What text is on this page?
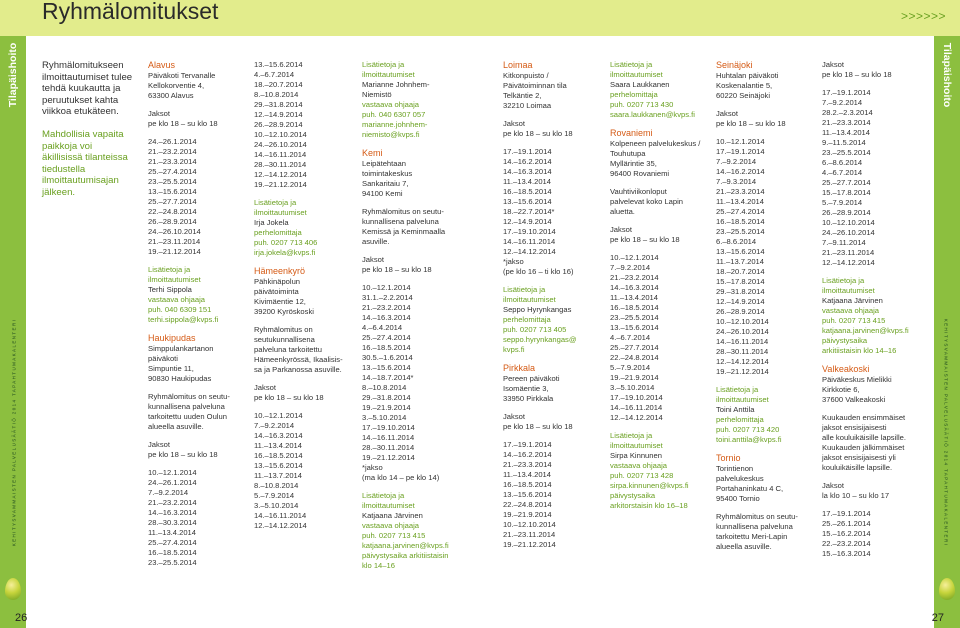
Ryhmälomitukset	>>>>>>
Tilapäishoito	Tilapäishoito
KEHITYSVAMMAISTEN PALVELUSÄÄTIÖ 2014 TAPAHTUMAKALENTERI	KEHITYSVAMMAISTEN PALVELUSÄÄTIÖ 2014 TAPAHTUMAKALENTERI
26	27
Ryhmälomitukseen ilmoittautumiset tulee tehdä kuukautta ja peruutukset kahta viikkoa etukäteen.
Mahdollisia vapaita paikkoja voi äkillisissä tilanteissa tiedustella ilmoittautumisajan jälkeen.
Alavus
Päiväkoti Tervanalle
Kellokorventie 4,
63300 Alavus
Jaksot
pe klo 18 – su klo 18
24.–26.1.2014
21.–23.2.2014
21.–23.3.2014
25.–27.4.2014
23.–25.5.2014
13.–15.6.2014
25.–27.7.2014
22.–24.8.2014
26.–28.9.2014
24.–26.10.2014
21.–23.11.2014
19.–21.12.2014
Lisätietoja ja
ilmoittautumiset
Terhi Sippola
vastaava ohjaaja
puh. 040 6309 151
terhi.sippola@kvps.fi
Haukipudas
Simppulankartanon
päiväkoti
Simpuntie 11,
90830 Haukipudas
Ryhmälomitus on seutu-
kunnallisena palveluna
tarkoitettu uuden Oulun
alueella asuville.
Jaksot
pe klo 18 – su klo 18
10.–12.1.2014
24.–26.1.2014
7.–9.2.2014
21.–23.2.2014
14.–16.3.2014
28.–30.3.2014
11.–13.4.2014
25.–27.4.2014
16.–18.5.2014
23.–25.5.2014
13.–15.6.2014
4.–6.7.2014
18.–20.7.2014
8.–10.8.2014
29.–31.8.2014
12.–14.9.2014
26.–28.9.2014
10.–12.10.2014
24.–26.10.2014
14.–16.11.2014
28.–30.11.2014
12.–14.12.2014
19.–21.12.2014
Lisätietoja ja
ilmoittautumiset
Irja Jokela
perhelomittaja
puh. 0207 713 406
irja.jokela@kvps.fi
Hämeenkyrö
Pähkinäpolun
päivätoiminta
Kivimäentie 12,
39200 Kyröskoski
Ryhmälomitus on
seutukunnallisena
palveluna tarkoitettu
Hämeenkyrössä, Ikaalisis-
sa ja Parkanossa asuville.
Jaksot
pe klo 18 – su klo 18
10.–12.1.2014
7.–9.2.2014
14.–16.3.2014
11.–13.4.2014
16.–18.5.2014
13.–15.6.2014
11.–13.7.2014
8.–10.8.2014
5.–7.9.2014
3.–5.10.2014
14.–16.11.2014
12.–14.12.2014
Lisätietoja ja
ilmoittautumiset
Marianne Johnhem-
Niemistö
vastaava ohjaaja
puh. 040 6307 057
marianne.johnhem-
niemisto@kvps.fi
Kemi
Leipätehtaan
toimintakeskus
Sankaritaiu 7,
94100 Kemi
Ryhmälomitus on seutu-
kunnallisena palveluna
Kemissä ja Keminmaalla
asuville.
Jaksot
pe klo 18 – su klo 18
10.–12.1.2014
31.1.–2.2.2014
21.–23.2.2014
14.–16.3.2014
4.–6.4.2014
25.–27.4.2014
16.–18.5.2014
30.5.–1.6.2014
13.–15.6.2014
14.–18.7.2014*
8.–10.8.2014
29.–31.8.2014
19.–21.9.2014
3.–5.10.2014
17.–19.10.2014
14.–16.11.2014
28.–30.11.2014
19.–21.12.2014
*jakso
(ma klo 14 – pe klo 14)
Lisätietoja ja
ilmoittautumiset
Katjaana Järvinen
vastaava ohjaaja
puh. 0207 713 415
katjaana.jarvinen@kvps.fi
päivystysaika arkitiistaisin
klo 14–16
Loimaa
Kitkonpuisto /
Päivätoiminnan tila
Telkäntie 2,
32210 Loimaa
Jaksot
pe klo 18 – su klo 18
17.–19.1.2014
14.–16.2.2014
14.–16.3.2014
11.–13.4.2014
16.–18.5.2014
13.–15.6.2014
18.–22.7.2014*
12.–14.9.2014
17.–19.10.2014
14.–16.11.2014
12.–14.12.2014
*jakso
(pe klo 16 – ti klo 16)
Lisätietoja ja
ilmoittautumiset
Seppo Hyrynkangas
perhelomittaja
puh. 0207 713 405
seppo.hyrynkangas@
kvps.fi
Pirkkala
Pereen päiväkoti
Isomäentie 3,
33950 Pirkkala
Jaksot
pe klo 18 – su klo 18
17.–19.1.2014
14.–16.2.2014
21.–23.3.2014
11.–13.4.2014
16.–18.5.2014
13.–15.6.2014
22.–24.8.2014
19.–21.9.2014
10.–12.10.2014
21.–23.11.2014
19.–21.12.2014
Lisätietoja ja
ilmoittautumiset
Saara Laukkanen
perhelomittaja
puh. 0207 713 430
saara.laukkanen@kvps.fi
Rovaniemi
Kolpeneen palvelukeskus /
Touhutupa
Myllärintie 35,
96400 Rovaniemi
Vauhtiviikonloput
palvelevat koko Lapin
aluetta.
Jaksot
pe klo 18 – su klo 18
10.–12.1.2014
7.–9.2.2014
21.–23.2.2014
14.–16.3.2014
11.–13.4.2014
16.–18.5.2014
23.–25.5.2014
13.–15.6.2014
4.–6.7.2014
25.–27.7.2014
22.–24.8.2014
5.–7.9.2014
19.–21.9.2014
3.–5.10.2014
17.–19.10.2014
14.–16.11.2014
12.–14.12.2014
Lisätietoja ja
ilmoittautumiset
Sirpa Kinnunen
vastaava ohjaaja
puh. 0207 713 428
sirpa.kinnunen@kvps.fi
päivystysaika
arkitorstaisin klo 16–18
Seinäjoki
Huhtalan päiväkoti
Koskenalantie 5,
60220 Seinäjoki
Jaksot
pe klo 18 – su klo 18
10.–12.1.2014
17.–19.1.2014
7.–9.2.2014
14.–16.2.2014
7.–9.3.2014
21.–23.3.2014
11.–13.4.2014
25.–27.4.2014
16.–18.5.2014
23.–25.5.2014
6.–8.6.2014
13.–15.6.2014
11.–13.7.2014
18.–20.7.2014
15.–17.8.2014
29.–31.8.2014
12.–14.9.2014
26.–28.9.2014
10.–12.10.2014
24.–26.10.2014
14.–16.11.2014
28.–30.11.2014
12.–14.12.2014
19.–21.12.2014
Lisätietoja ja
ilmoittautumiset
Toini Anttila
perhelomittaja
puh. 0207 713 420
toini.anttila@kvps.fi
Tornio
Torintienon
palvelukeskus
Portahaninkatu 4 C,
95400 Tornio
Ryhmälomitus on seutu-
kunnallisena palveluna
tarkoitettu Meri-Lapin
alueella asuville.
Jaksot
pe klo 18 – su klo 18
17.–19.1.2014
7.–9.2.2014
28.2.–2.3.2014
21.–23.3.2014
11.–13.4.2014
9.–11.5.2014
23.–25.5.2014
6.–8.6.2014
4.–6.7.2014
25.–27.7.2014
15.–17.8.2014
5.–7.9.2014
26.–28.9.2014
10.–12.10.2014
24.–26.10.2014
7.–9.11.2014
21.–23.11.2014
12.–14.12.2014
Lisätietoja ja
ilmoittautumiset
Katjaana Järvinen
vastaava ohjaaja
puh. 0207 713 415
katjaana.jarvinen@kvps.fi
päivystysaika
arkitiistaisin klo 14–16
Valkeakoski
Päiväkeskus Mielikki
Kirkkotie 6,
37600 Valkeakoski
Kuukauden ensimmäiset
jaksot ensisijaisesti
alle kouluikäisille lapsille.
Kuukauden jälkimmäiset
jaksot ensisijaisesti yli
kouluikäisille lapsille.
Jaksot
la klo 10 – su klo 17
17.–19.1.2014
25.–26.1.2014
15.–16.2.2014
22.–23.2.2014
15.–16.3.2014
